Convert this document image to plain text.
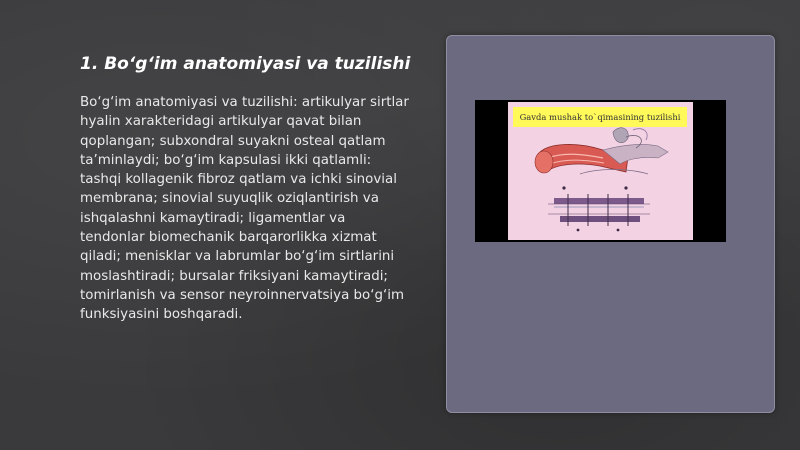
1. Bo‘g‘im anatomiyasi va tuzilishi

Bo‘g‘im anatomiyasi va tuzilishi: artikulyar sirtlar hyalin xarakteridagi artikulyar qavat bilan qoplangan; subxondral suyakni osteal qatlam ta’minlaydi; bo‘g‘im kapsulasi ikki qatlamli: tashqi kollagenik fibroz qatlam va ichki sinovial membrana; sinovial suyuqlik oziqlantirish va ishqalashni kamaytiradi; ligamentlar va tendonlar biomechanik barqarorlikka xizmat qiladi; menisklar va labrumlar bo‘g‘im sirtlarini moslashtiradi; bursalar friksiyani kamaytiradi; tomirlanish va sensor neyroinnervatsiya bo‘g‘im funksiyasini boshqaradi.

Gavda mushak to`qimasining tuzilishi
